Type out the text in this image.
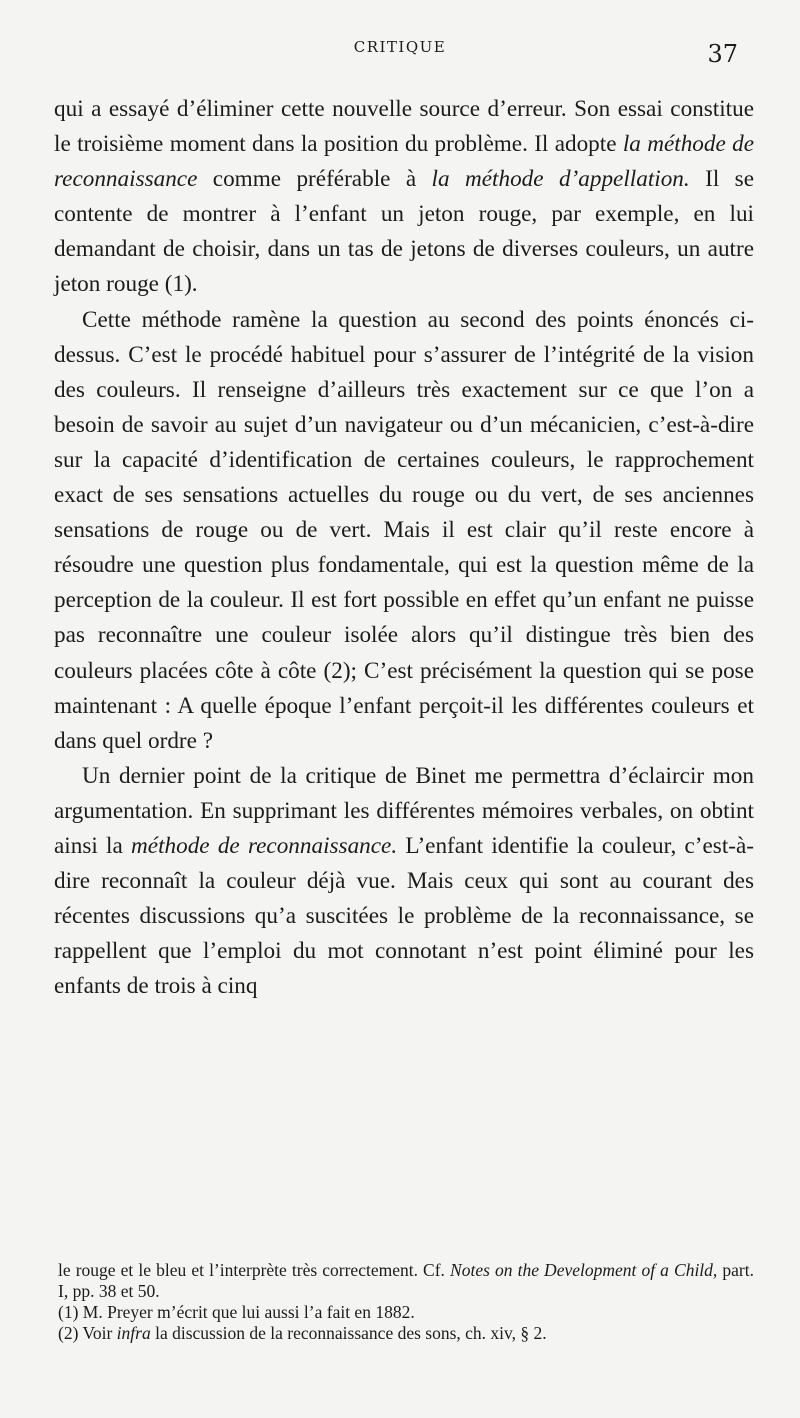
CRITIQUE	37

qui a essayé d’éliminer cette nouvelle source d’erreur. Son essai constitue le troisième moment dans la position du problème. Il adopte la méthode de reconnaissance comme préférable à la méthode d’appellation. Il se contente de montrer à l’enfant un jeton rouge, par exemple, en lui demandant de choisir, dans un tas de jetons de diverses couleurs, un autre jeton rouge (1).

Cette méthode ramène la question au second des points énoncés ci-dessus. C’est le procédé habituel pour s’assurer de l’intégrité de la vision des couleurs. Il renseigne d’ailleurs très exactement sur ce que l’on a besoin de savoir au sujet d’un navigateur ou d’un mécanicien, c’est-à-dire sur la capacité d’identification de certaines couleurs, le rapprochement exact de ses sensations actuelles du rouge ou du vert, de ses anciennes sensations de rouge ou de vert. Mais il est clair qu’il reste encore à résoudre une question plus fondamentale, qui est la question même de la perception de la couleur. Il est fort possible en effet qu’un enfant ne puisse pas reconnaître une couleur isolée alors qu’il distingue très bien des couleurs placées côte à côte (2); C’est précisément la question qui se pose maintenant : A quelle époque l’enfant perçoit-il les différentes couleurs et dans quel ordre ?

Un dernier point de la critique de Binet me permettra d’éclaircir mon argumentation. En supprimant les différentes mémoires verbales, on obtint ainsi la méthode de reconnaissance. L’enfant identifie la couleur, c’est-à-dire reconnaît la couleur déjà vue. Mais ceux qui sont au courant des récentes discussions qu’a suscitées le problème de la reconnaissance, se rappellent que l’emploi du mot connotant n’est point éliminé pour les enfants de trois à cinq

le rouge et le bleu et l’interprète très correctement. Cf. Notes on the Development of a Child, part. I, pp. 38 et 50.

(1) M. Preyer m’écrit que lui aussi l’a fait en 1882.

(2) Voir infra la discussion de la reconnaissance des sons, ch. xiv, § 2.
